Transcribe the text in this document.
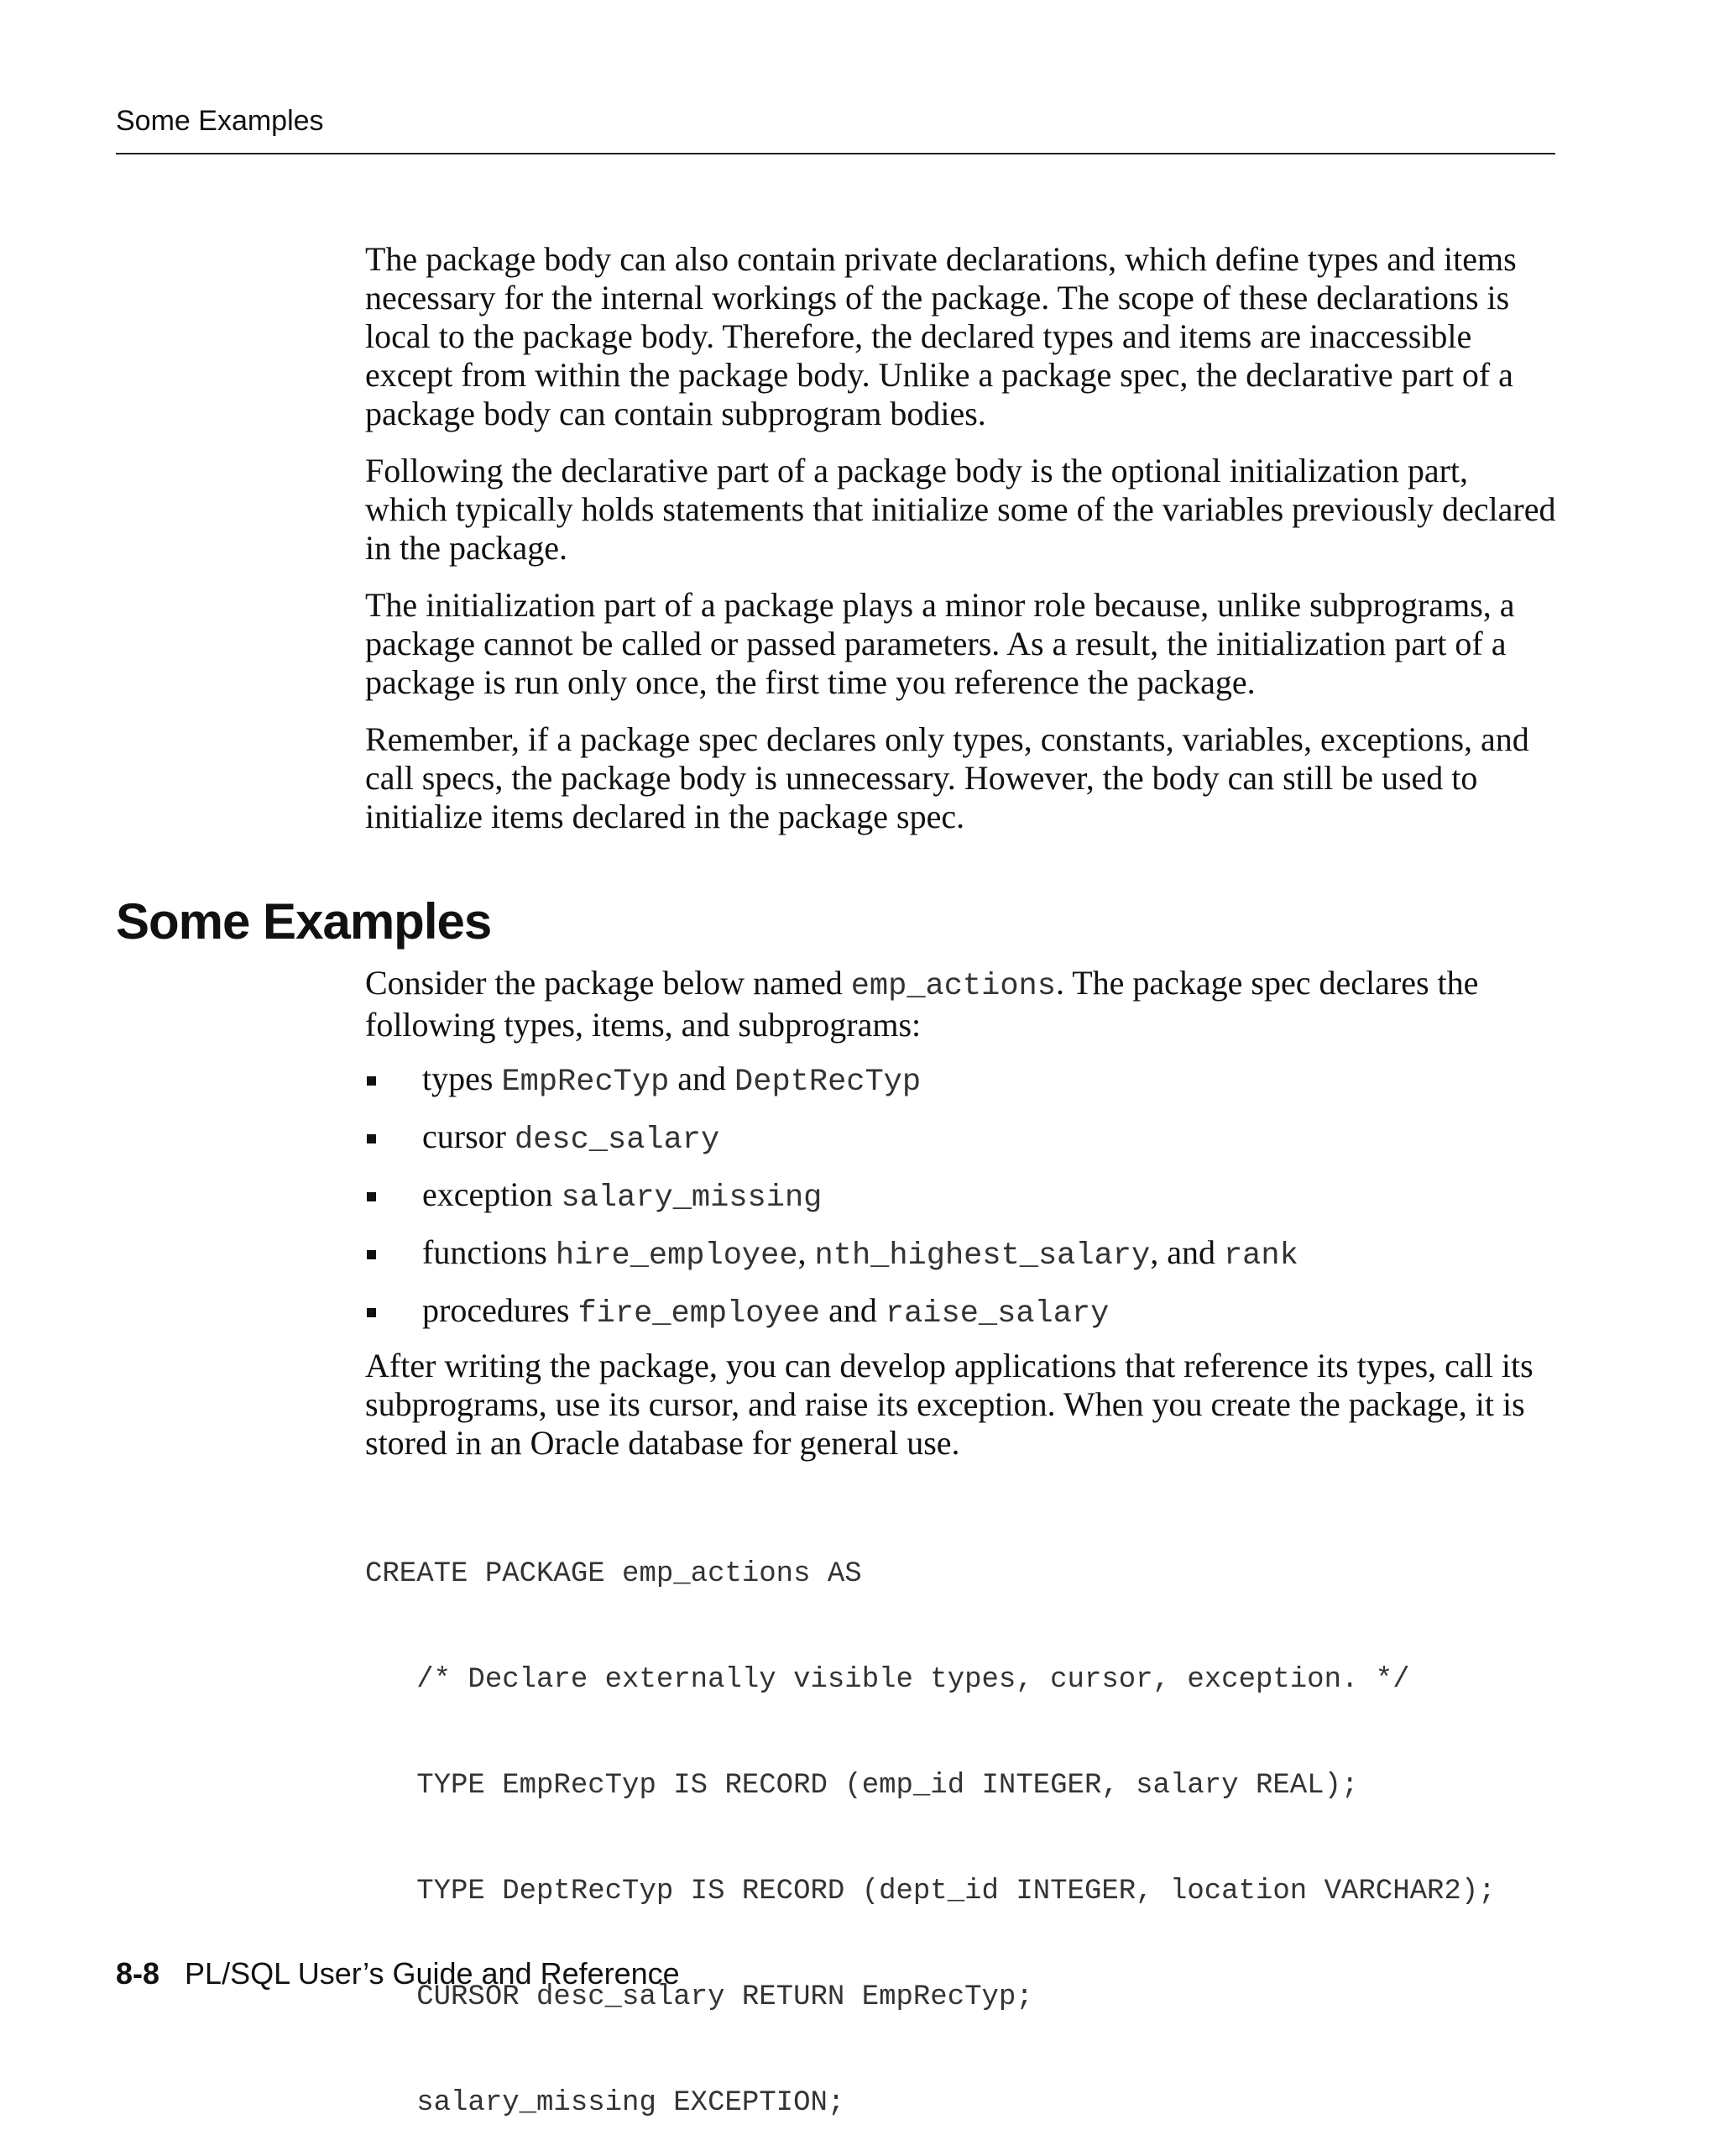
Some Examples

The package body can also contain private declarations, which define types and items necessary for the internal workings of the package. The scope of these declarations is local to the package body. Therefore, the declared types and items are inaccessible except from within the package body. Unlike a package spec, the declarative part of a package body can contain subprogram bodies.

Following the declarative part of a package body is the optional initialization part, which typically holds statements that initialize some of the variables previously declared in the package.

The initialization part of a package plays a minor role because, unlike subprograms, a package cannot be called or passed parameters. As a result, the initialization part of a package is run only once, the first time you reference the package.

Remember, if a package spec declares only types, constants, variables, exceptions, and call specs, the package body is unnecessary. However, the body can still be used to initialize items declared in the package spec.

Some Examples

Consider the package below named emp_actions. The package spec declares the following types, items, and subprograms:

types EmpRecTyp and DeptRecTyp
cursor desc_salary
exception salary_missing
functions hire_employee, nth_highest_salary, and rank
procedures fire_employee and raise_salary

After writing the package, you can develop applications that reference its types, call its subprograms, use its cursor, and raise its exception. When you create the package, it is stored in an Oracle database for general use.

CREATE PACKAGE emp_actions AS

/* Declare externally visible types, cursor, exception. */

TYPE EmpRecTyp IS RECORD (emp_id INTEGER, salary REAL);

TYPE DeptRecTyp IS RECORD (dept_id INTEGER, location VARCHAR2);

CURSOR desc_salary RETURN EmpRecTyp;

salary_missing EXCEPTION;

8-8 PL/SQL User’s Guide and Reference
